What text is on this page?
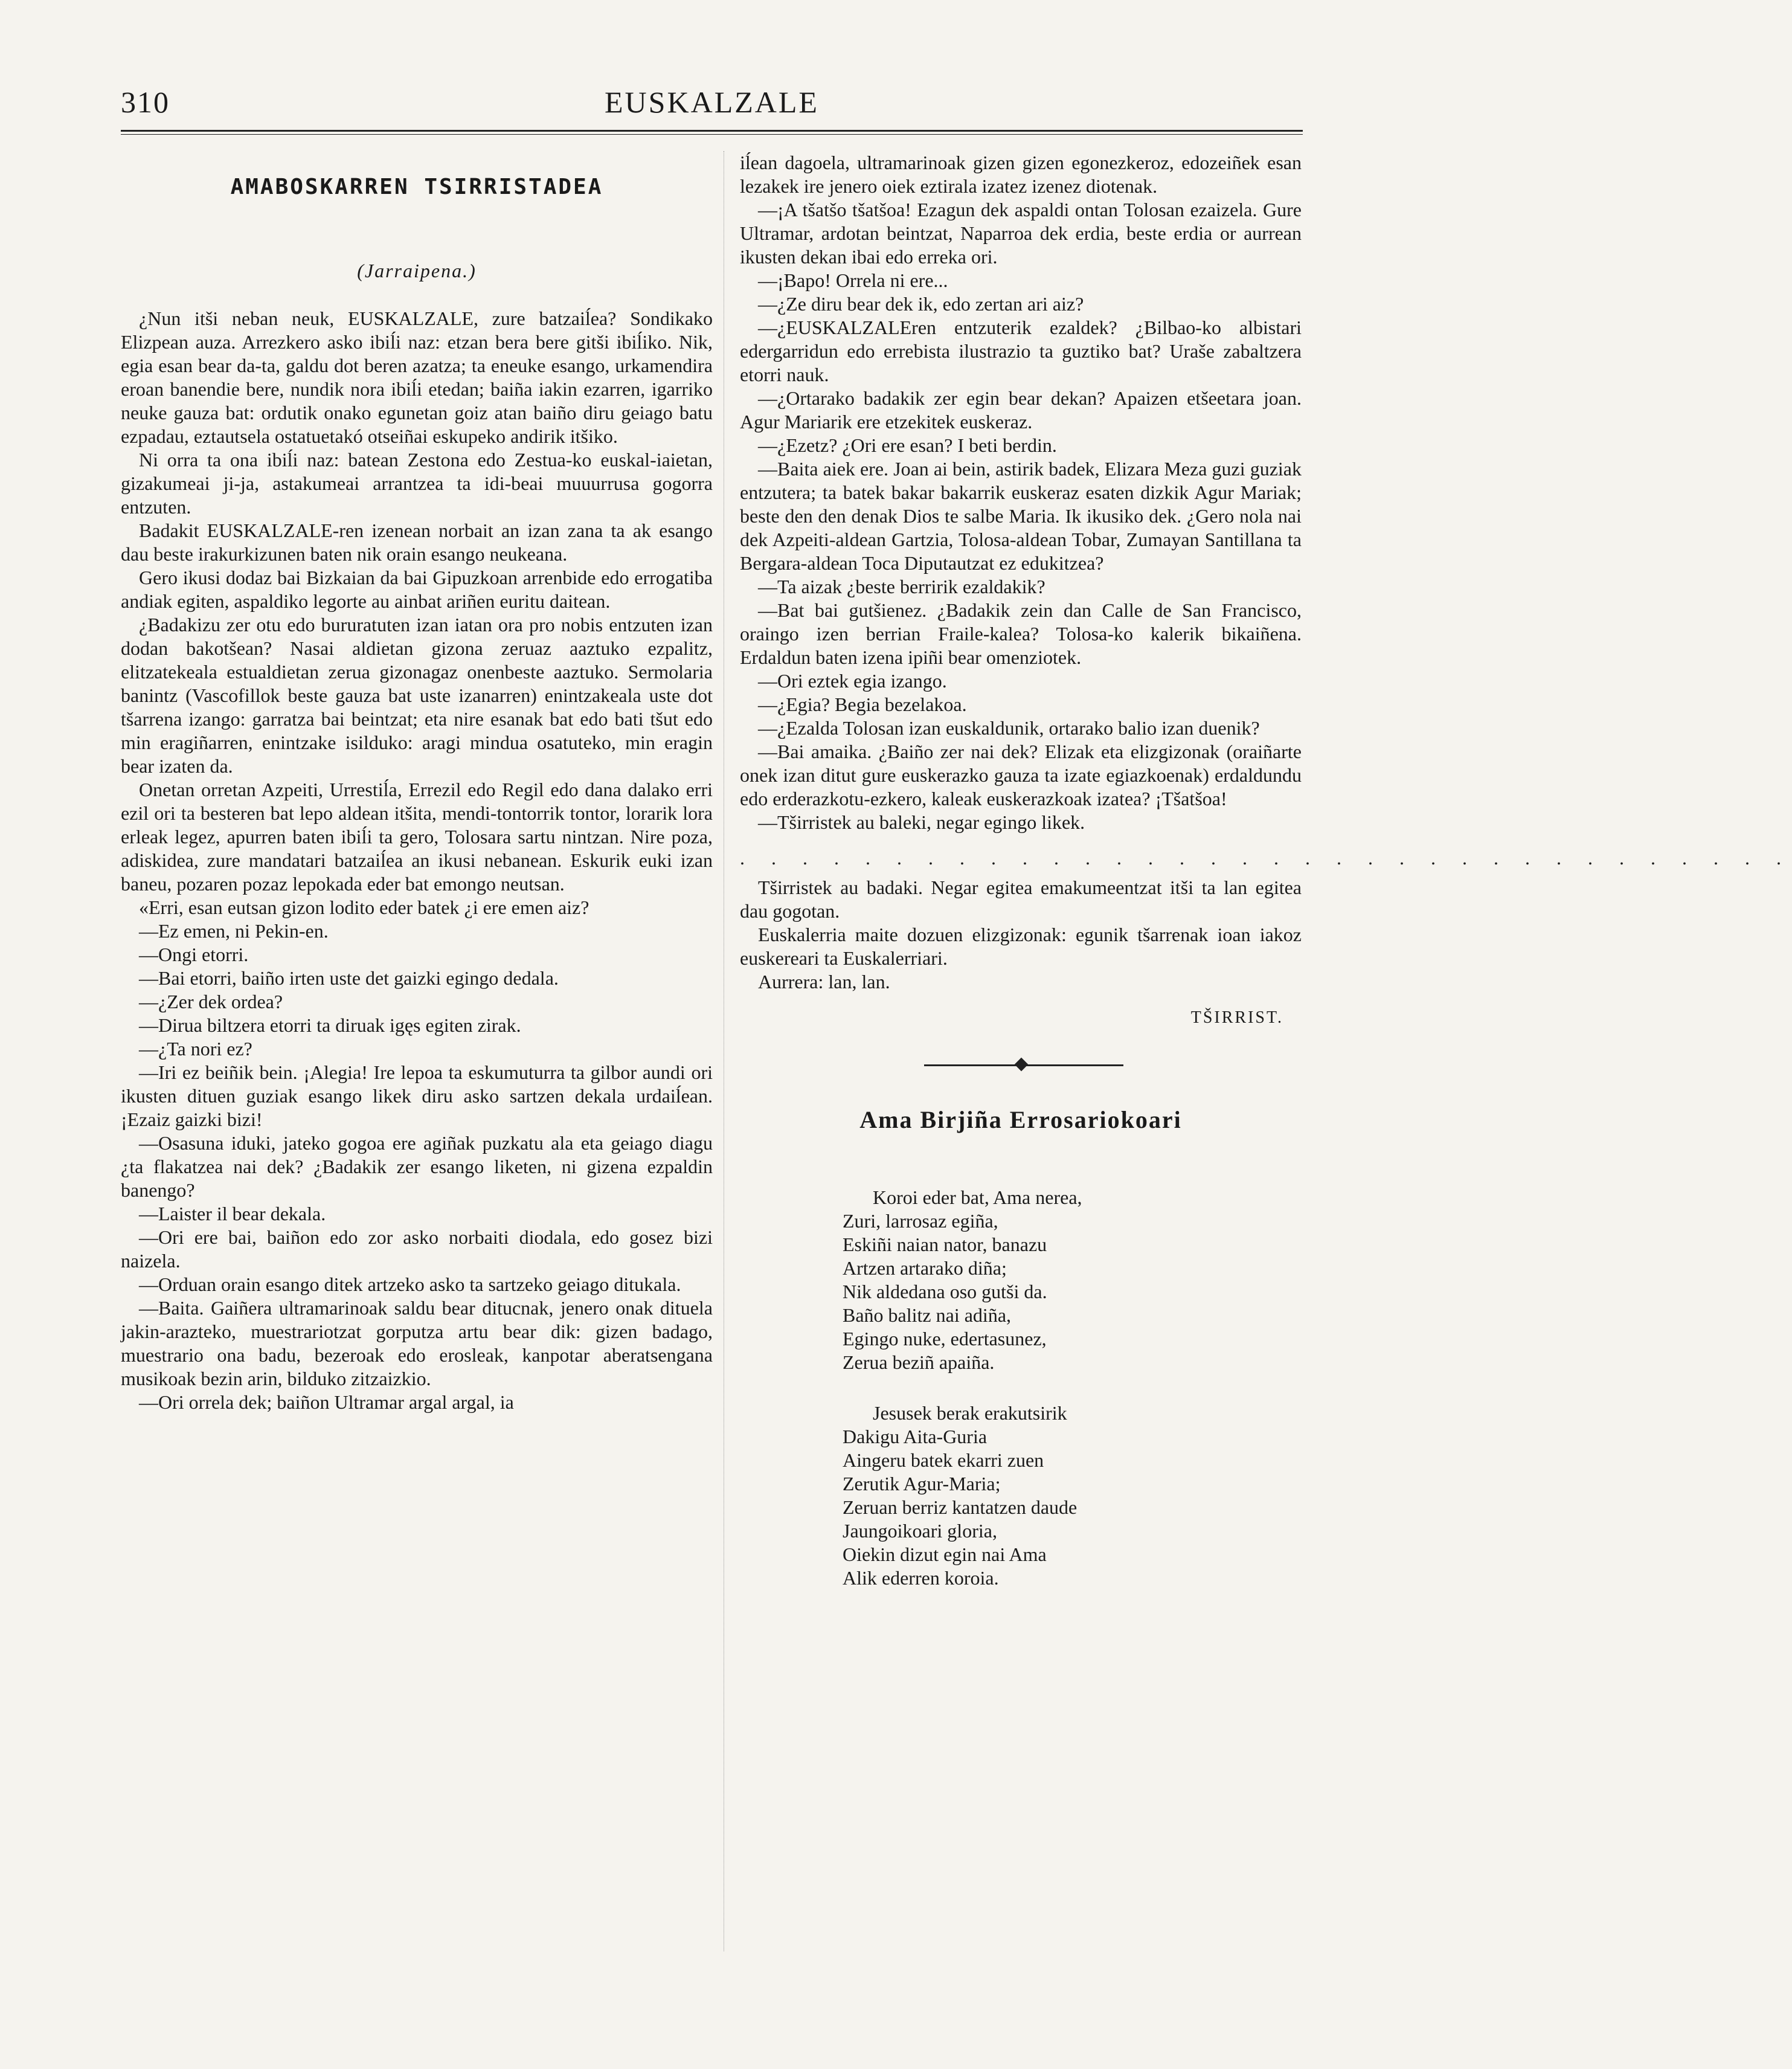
310	EUSKALZALE
AMABOSKARREN TSIRRISTADEA
(Jarraipena.)

¿Nun itši neban neuk, EUSKALZALE, zure batzaiĺea? Sondikako Elizpean auza. Arrezkero asko ibiĺi naz: etzan bera bere gitši ibiĺiko. Nik, egia esan bear da-ta, galdu dot beren azatza; ta eneuke esango, urkamendira eroan banendie bere, nundik nora ibiĺi etedan; baiña iakin ezarren, igarriko neuke gauza bat: ordutik onako egunetan goiz atan baiño diru geiago batu ezpadau, eztautsela ostatuetakó otseiñai eskupeko andirik itšiko.

Ni orra ta ona ibiĺi naz: batean Zestona edo Zestua-ko euskal-iaietan, gizakumeai ji-ja, astakumeai arrantzea ta idi-beai muuurrusa gogorra entzuten.

Badakit EUSKALZALE-ren izenean norbait an izan zana ta ak esango dau beste irakurkizunen baten nik orain esango neukeana.

Gero ikusi dodaz bai Bizkaian da bai Gipuzkoan arrenbide edo errogatiba andiak egiten, aspaldiko legorte au ainbat ariñen euritu daitean.

¿Badakizu zer otu edo bururatuten izan iatan ora pro nobis entzuten izan dodan bakotšean? Nasai aldietan gizona zeruaz aaztuko ezpalitz, elitzatekeala estualdietan zerua gizonagaz onenbeste aaztuko. Sermolaria banintz (Vascofillok beste gauza bat uste izanarren) enintzakeala uste dot tšarrena izango: garratza bai beintzat; eta nire esanak bat edo bati tšut edo min eragiñarren, enintzake isilduko: aragi mindua osatuteko, min eragin bear izaten da.

Onetan orretan Azpeiti, Urrestiĺa, Errezil edo Regil edo dana dalako erri ezil ori ta besteren bat lepo aldean itšita, mendi-tontorrik tontor, lorarik lora erleak legez, apurren baten ibiĺi ta gero, Tolosara sartu nintzan. Nire poza, adiskidea, zure mandatari batzaiĺea an ikusi nebanean. Eskurik euki izan baneu, pozaren pozaz lepokada eder bat emongo neutsan.

«Erri, esan eutsan gizon lodito eder batek ¿i ere emen aiz?

—Ez emen, ni Pekin-en.

—Ongi etorri.

—Bai etorri, baiño irten uste det gaizki egingo dedala.

—¿Zer dek ordea?

—Dirua biltzera etorri ta diruak igęs egiten zirak.

—¿Ta nori ez?

—Iri ez beiñik bein. ¡Alegia! Ire lepoa ta eskumuturra ta gilbor aundi ori ikusten dituen guziak esango likek diru asko sartzen dekala urdaiĺean. ¡Ezaiz gaizki bizi!

—Osasuna iduki, jateko gogoa ere agiñak puzkatu ala eta geiago diagu ¿ta flakatzea nai dek? ¿Badakik zer esango liketen, ni gizena ezpaldin banengo?

—Laister il bear dekala.

—Ori ere bai, baiñon edo zor asko norbaiti diodala, edo gosez bizi naizela.

—Orduan orain esango ditek artzeko asko ta sartzeko geiago ditukala.

—Baita. Gaiñera ultramarinoak saldu bear ditucnak, jenero onak dituela jakin-arazteko, muestrariotzat gorputza artu bear dik: gizen badago, muestrario ona badu, bezeroak edo erosleak, kanpotar aberatsengana musikoak bezin arin, bilduko zitzaizkio.

—Ori orrela dek; baiñon Ultramar argal argal, ia

iĺean dagoela, ultramarinoak gizen gizen egonezkeroz, edozeiñek esan lezakek ire jenero oiek eztirala izatez izenez diotenak.

—¡A tšatšo tšatšoa! Ezagun dek aspaldi ontan Tolosan ezaizela. Gure Ultramar, ardotan beintzat, Naparroa dek erdia, beste erdia or aurrean ikusten dekan ibai edo erreka ori.

—¡Bapo! Orrela ni ere...

—¿Ze diru bear dek ik, edo zertan ari aiz?

—¿EUSKALZALEren entzuterik ezaldek? ¿Bilbao-ko albistari edergarridun edo errebista ilustrazio ta guztiko bat? Uraše zabaltzera etorri nauk.

—¿Ortarako badakik zer egin bear dekan? Apaizen etšeetara joan. Agur Mariarik ere etzekitek euskeraz.

—¿Ezetz? ¿Ori ere esan? I beti berdin.

—Baita aiek ere. Joan ai bein, astirik badek, Elizara Meza guzi guziak entzutera; ta batek bakar bakarrik euskeraz esaten dizkik Agur Mariak; beste den den denak Dios te salbe Maria. Ik ikusiko dek. ¿Gero nola nai dek Azpeiti-aldean Gartzia, Tolosa-aldean Tobar, Zumayan Santillana ta Bergara-aldean Toca Diputautzat ez edukitzea?

—Ta aizak ¿beste berririk ezaldakik?

—Bat bai gutšienez. ¿Badakik zein dan Calle de San Francisco, oraingo izen berrian Fraile-kalea? Tolosa-ko kalerik bikaiñena. Erdaldun baten izena ipiñi bear omenziotek.

—Ori eztek egia izango.

—¿Egia? Begia bezelakoa.

—¿Ezalda Tolosan izan euskaldunik, ortarako balio izan duenik?

—Bai amaika. ¿Baiño zer nai dek? Elizak eta elizgizonak (oraiñarte onek izan ditut gure euskerazko gauza ta izate egiazkoenak) erdaldundu edo erderazkotu-ezkero, kaleak euskerazkoak izatea? ¡Tšatšoa!

—Tširristek au baleki, negar egingo likek.

. . . . . . . . . . . . . . . . . . . . . . . . . . . . . . . . . .

Tširristek au badaki. Negar egitea emakumeentzat itši ta lan egitea dau gogotan.

Euskalerria maite dozuen elizgizonak: egunik tšarrenak ioan iakoz euskereari ta Euskalerriari.

Aurrera: lan, lan.

TŠIRRIST.
Ama Birjiña Errosariokoari
Koroi eder bat, Ama nerea,
Zuri, larrosaz egiña,
Eskiñi naian nator, banazu
Artzen artarako diña;
Nik aldedana oso gutši da.
Baño balitz nai adiña,
Egingo nuke, edertasunez,
Zerua beziñ apaiña.
Jesusek berak erakutsirik
Dakigu Aita-Guria
Aingeru batek ekarri zuen
Zerutik Agur-Maria;
Zeruan berriz kantatzen daude
Jaungoikoari gloria,
Oiekin dizut egin nai Ama
Alik ederren koroia.
